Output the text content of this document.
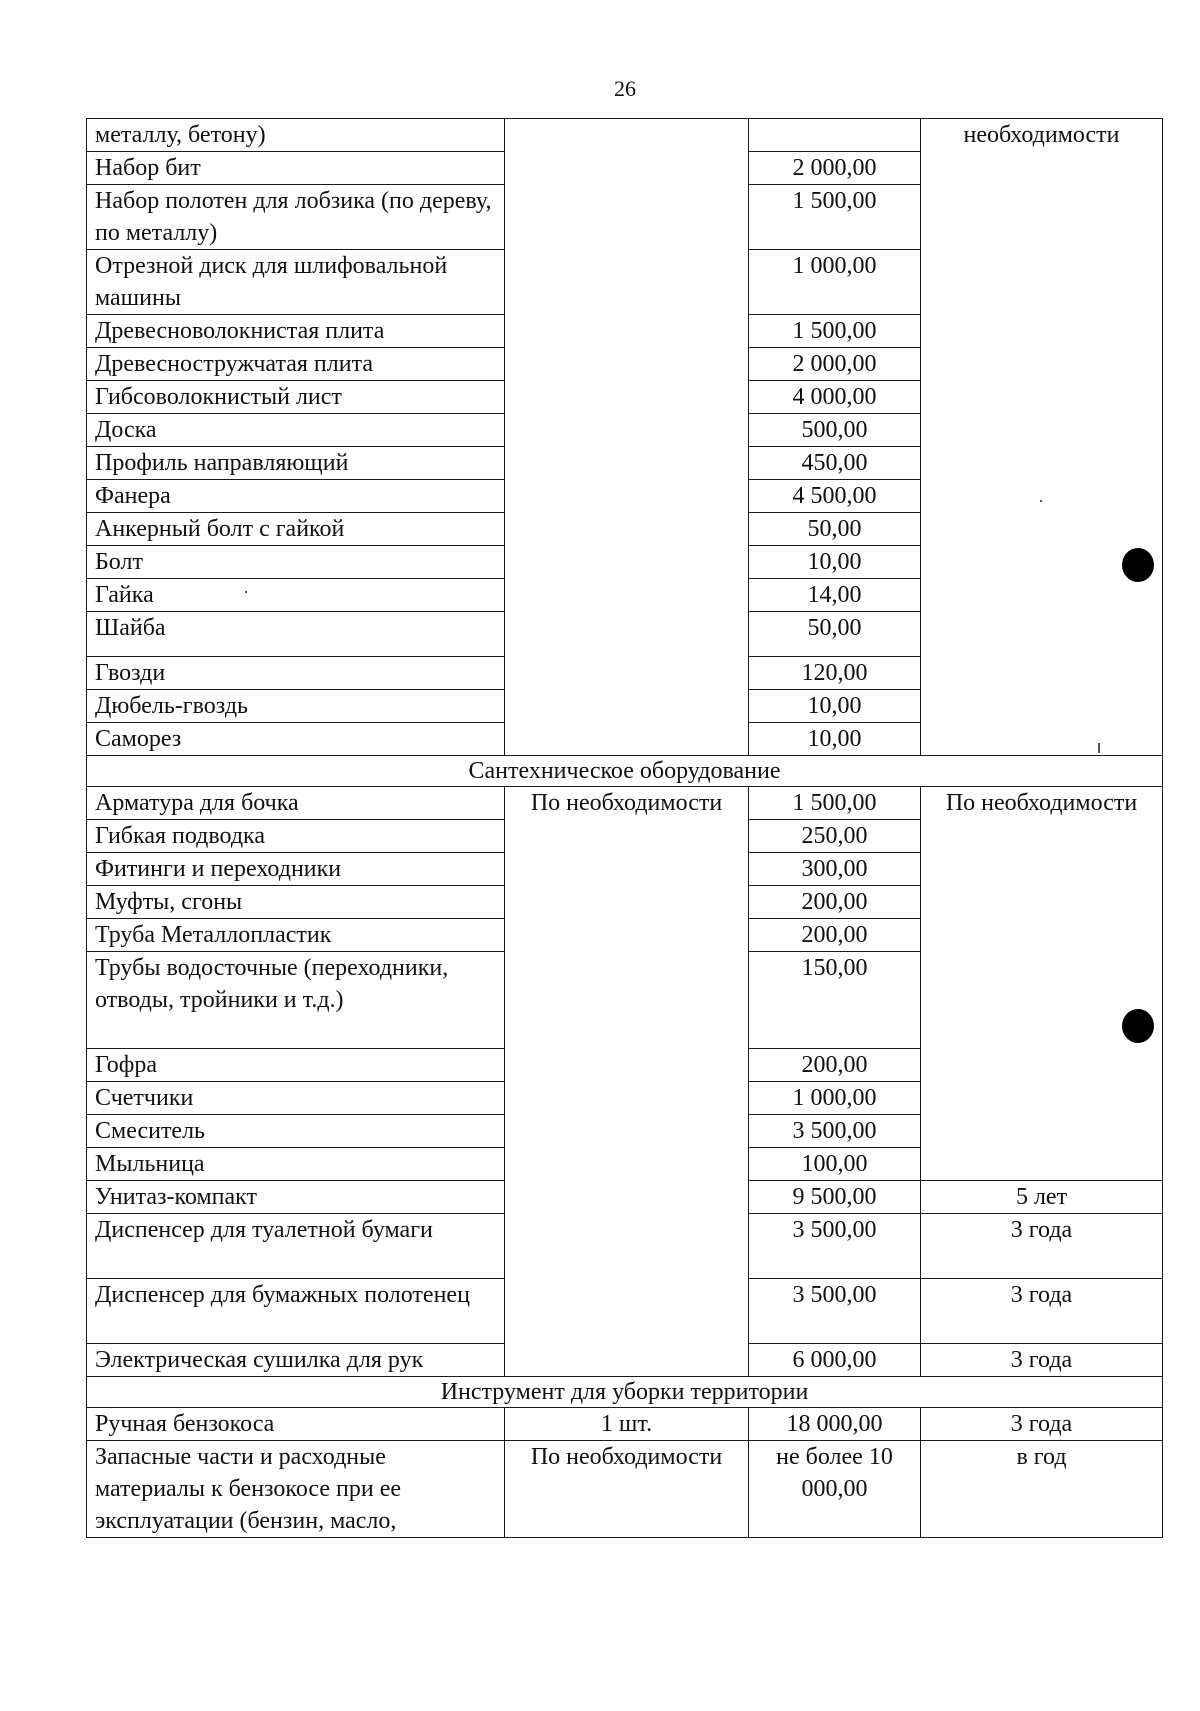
26
металлу, бетону)			необходимости
Набор бит		2 000,00	
Набор полотен для лобзика (по дереву, по металлу)		1 500,00	
Отрезной диск для шлифовальной машины		1 000,00	
Древесноволокнистая плита		1 500,00	
Древесностружчатая плита		2 000,00	
Гибсоволокнистый лист		4 000,00	
Доска		500,00	
Профиль направляющий		450,00	
Фанера		4 500,00	
Анкерный болт с гайкой		50,00	
Болт		10,00	
Гайка		14,00	
Шайба		50,00	
Гвозди		120,00	
Дюбель-гвоздь		10,00	
Саморез		10,00	
Сантехническое оборудование			
Арматура для бочка	По необходимости	1 500,00	По необходимости
Гибкая подводка		250,00	
Фитинги и переходники		300,00	
Муфты, сгоны		200,00	
Труба Металлопластик		200,00	
Трубы водосточные (переходники, отводы, тройники и т.д.)		150,00	
Гофра		200,00	
Счетчики		1 000,00	
Смеситель		3 500,00	
Мыльница		100,00	
Унитаз-компакт		9 500,00	5 лет
Диспенсер для туалетной бумаги		3 500,00	3 года
Диспенсер для бумажных полотенец		3 500,00	3 года
Электрическая сушилка для рук		6 000,00	3 года
Инструмент для уборки территории			
Ручная бензокоса	1 шт.	18 000,00	3 года
Запасные части и расходные материалы к бензокосе при ее эксплуатации (бензин, масло,	По необходимости	не более 10 000,00	в год
